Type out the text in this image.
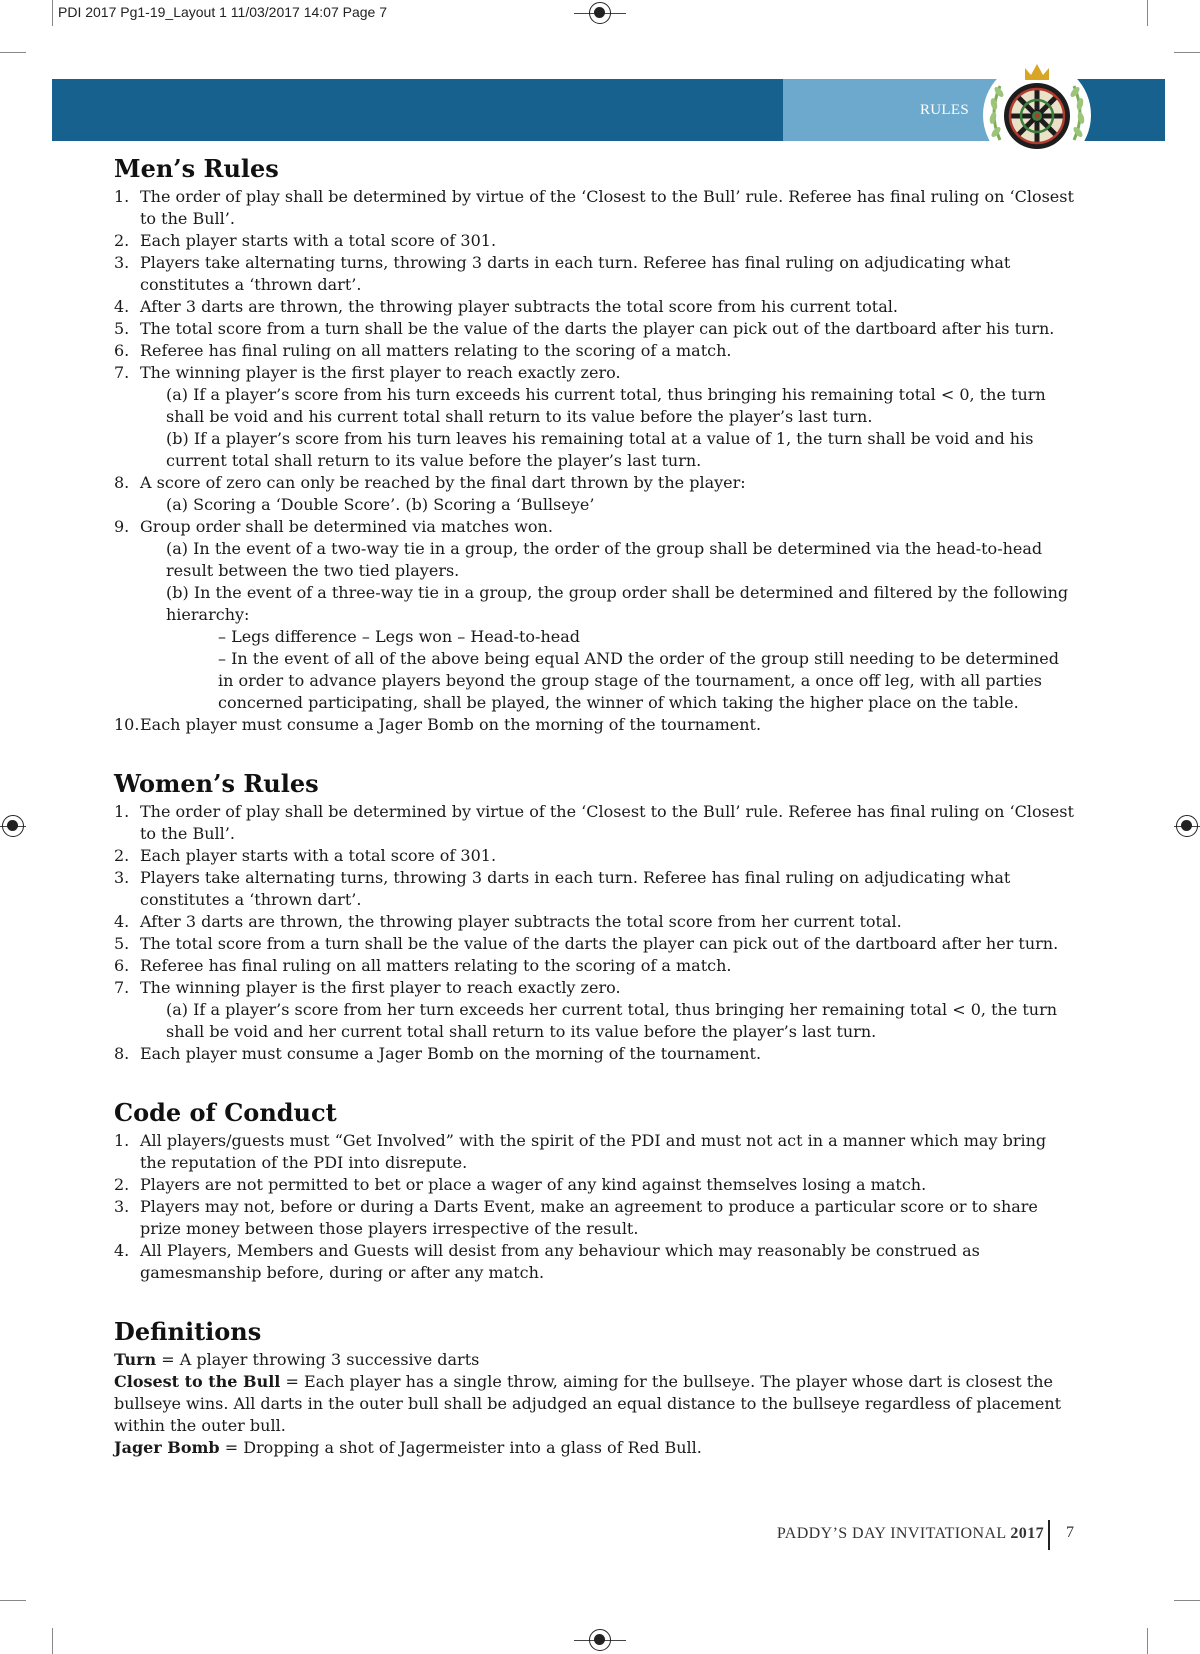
PDI 2017 Pg1-19_Layout 1 11/03/2017 14:07 Page 7
RULES
Men’s Rules
1. The order of play shall be determined by virtue of the ‘Closest to the Bull’ rule. Referee has final ruling on ‘Closest to the Bull’.
2. Each player starts with a total score of 301.
3. Players take alternating turns, throwing 3 darts in each turn. Referee has final ruling on adjudicating what constitutes a ‘thrown dart’.
4. After 3 darts are thrown, the throwing player subtracts the total score from his current total.
5. The total score from a turn shall be the value of the darts the player can pick out of the dartboard after his turn.
6. Referee has final ruling on all matters relating to the scoring of a match.
7. The winning player is the first player to reach exactly zero.
(a) If a player’s score from his turn exceeds his current total, thus bringing his remaining total < 0, the turn shall be void and his current total shall return to its value before the player’s last turn.
(b) If a player’s score from his turn leaves his remaining total at a value of 1, the turn shall be void and his current total shall return to its value before the player’s last turn.
8. A score of zero can only be reached by the final dart thrown by the player:
(a) Scoring a ‘Double Score’. (b) Scoring a ‘Bullseye’
9. Group order shall be determined via matches won.
(a) In the event of a two-way tie in a group, the order of the group shall be determined via the head-to-head result between the two tied players.
(b) In the event of a three-way tie in a group, the group order shall be determined and filtered by the following hierarchy:
– Legs difference – Legs won – Head-to-head
– In the event of all of the above being equal AND the order of the group still needing to be determined in order to advance players beyond the group stage of the tournament, a once off leg, with all parties concerned participating, shall be played, the winner of which taking the higher place on the table.
10. Each player must consume a Jager Bomb on the morning of the tournament.
Women’s Rules
1. The order of play shall be determined by virtue of the ‘Closest to the Bull’ rule. Referee has final ruling on ‘Closest to the Bull’.
2. Each player starts with a total score of 301.
3. Players take alternating turns, throwing 3 darts in each turn. Referee has final ruling on adjudicating what constitutes a ‘thrown dart’.
4. After 3 darts are thrown, the throwing player subtracts the total score from her current total.
5. The total score from a turn shall be the value of the darts the player can pick out of the dartboard after her turn.
6. Referee has final ruling on all matters relating to the scoring of a match.
7. The winning player is the first player to reach exactly zero.
(a) If a player’s score from her turn exceeds her current total, thus bringing her remaining total < 0, the turn shall be void and her current total shall return to its value before the player’s last turn.
8. Each player must consume a Jager Bomb on the morning of the tournament.
Code of Conduct
1. All players/guests must “Get Involved” with the spirit of the PDI and must not act in a manner which may bring the reputation of the PDI into disrepute.
2. Players are not permitted to bet or place a wager of any kind against themselves losing a match.
3. Players may not, before or during a Darts Event, make an agreement to produce a particular score or to share prize money between those players irrespective of the result.
4. All Players, Members and Guests will desist from any behaviour which may reasonably be construed as gamesmanship before, during or after any match.
Definitions
Turn = A player throwing 3 successive darts
Closest to the Bull = Each player has a single throw, aiming for the bullseye. The player whose dart is closest the bullseye wins. All darts in the outer bull shall be adjudged an equal distance to the bullseye regardless of placement within the outer bull.
Jager Bomb = Dropping a shot of Jagermeister into a glass of Red Bull.
PADDY’S DAY INVITATIONAL 2017 7
